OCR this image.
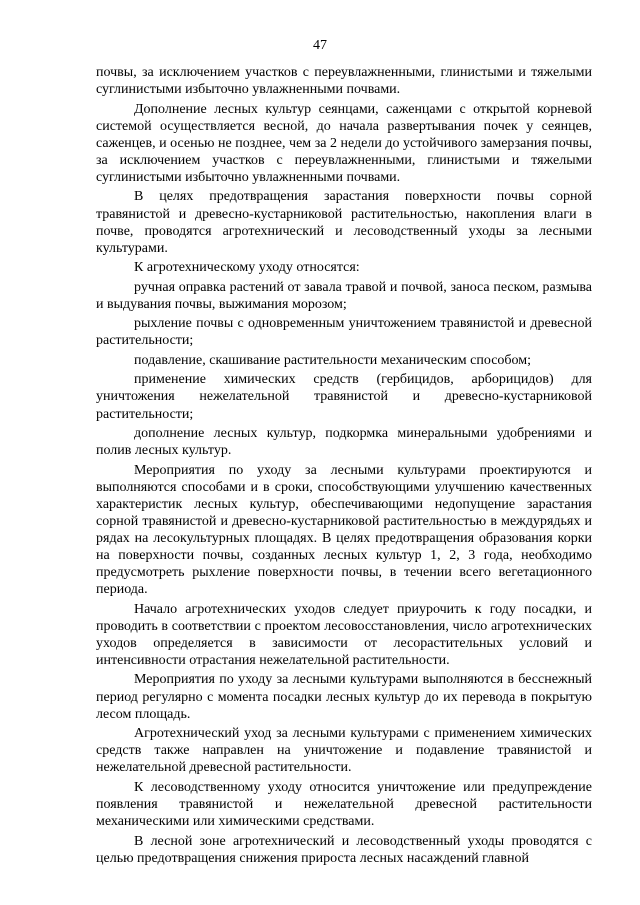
47

почвы, за исключением участков с переувлажненными, глинистыми и тяжелыми суглинистыми избыточно увлажненными почвами.

Дополнение лесных культур сеянцами, саженцами с открытой корневой системой осуществляется весной, до начала развертывания почек у сеянцев, саженцев, и осенью не позднее, чем за 2 недели до устойчивого замерзания почвы, за исключением участков с переувлажненными, глинистыми и тяжелыми суглинистыми избыточно увлажненными почвами.

В целях предотвращения зарастания поверхности почвы сорной травянистой и древесно-кустарниковой растительностью, накопления влаги в почве, проводятся агротехнический и лесоводственный уходы за лесными культурами.

К агротехническому уходу относятся:

ручная оправка растений от завала травой и почвой, заноса песком, размыва и выдувания почвы, выжимания морозом;

рыхление почвы с одновременным уничтожением травянистой и древесной растительности;

подавление, скашивание растительности механическим способом;

применение химических средств (гербицидов, арборицидов) для уничтожения нежелательной травянистой и древесно-кустарниковой растительности;

дополнение лесных культур, подкормка минеральными удобрениями и полив лесных культур.

Мероприятия по уходу за лесными культурами проектируются и выполняются способами и в сроки, способствующими улучшению качественных характеристик лесных культур, обеспечивающими недопущение зарастания сорной травянистой и древесно-кустарниковой растительностью в междурядьях и рядах на лесокультурных площадях. В целях предотвращения образования корки на поверхности почвы, созданных лесных культур 1, 2, 3 года, необходимо предусмотреть рыхление поверхности почвы, в течении всего вегетационного периода.

Начало агротехнических уходов следует приурочить к году посадки, и проводить в соответствии с проектом лесовосстановления, число агротехнических уходов определяется в зависимости от лесорастительных условий и интенсивности отрастания нежелательной растительности.

Мероприятия по уходу за лесными культурами выполняются в бесснежный период регулярно с момента посадки лесных культур до их перевода в покрытую лесом площадь.

Агротехнический уход за лесными культурами с применением химических средств также направлен на уничтожение и подавление травянистой и нежелательной древесной растительности.

К лесоводственному уходу относится уничтожение или предупреждение появления травянистой и нежелательной древесной растительности механическими или химическими средствами.

В лесной зоне агротехнический и лесоводственный уходы проводятся с целью предотвращения снижения прироста лесных насаждений главной
